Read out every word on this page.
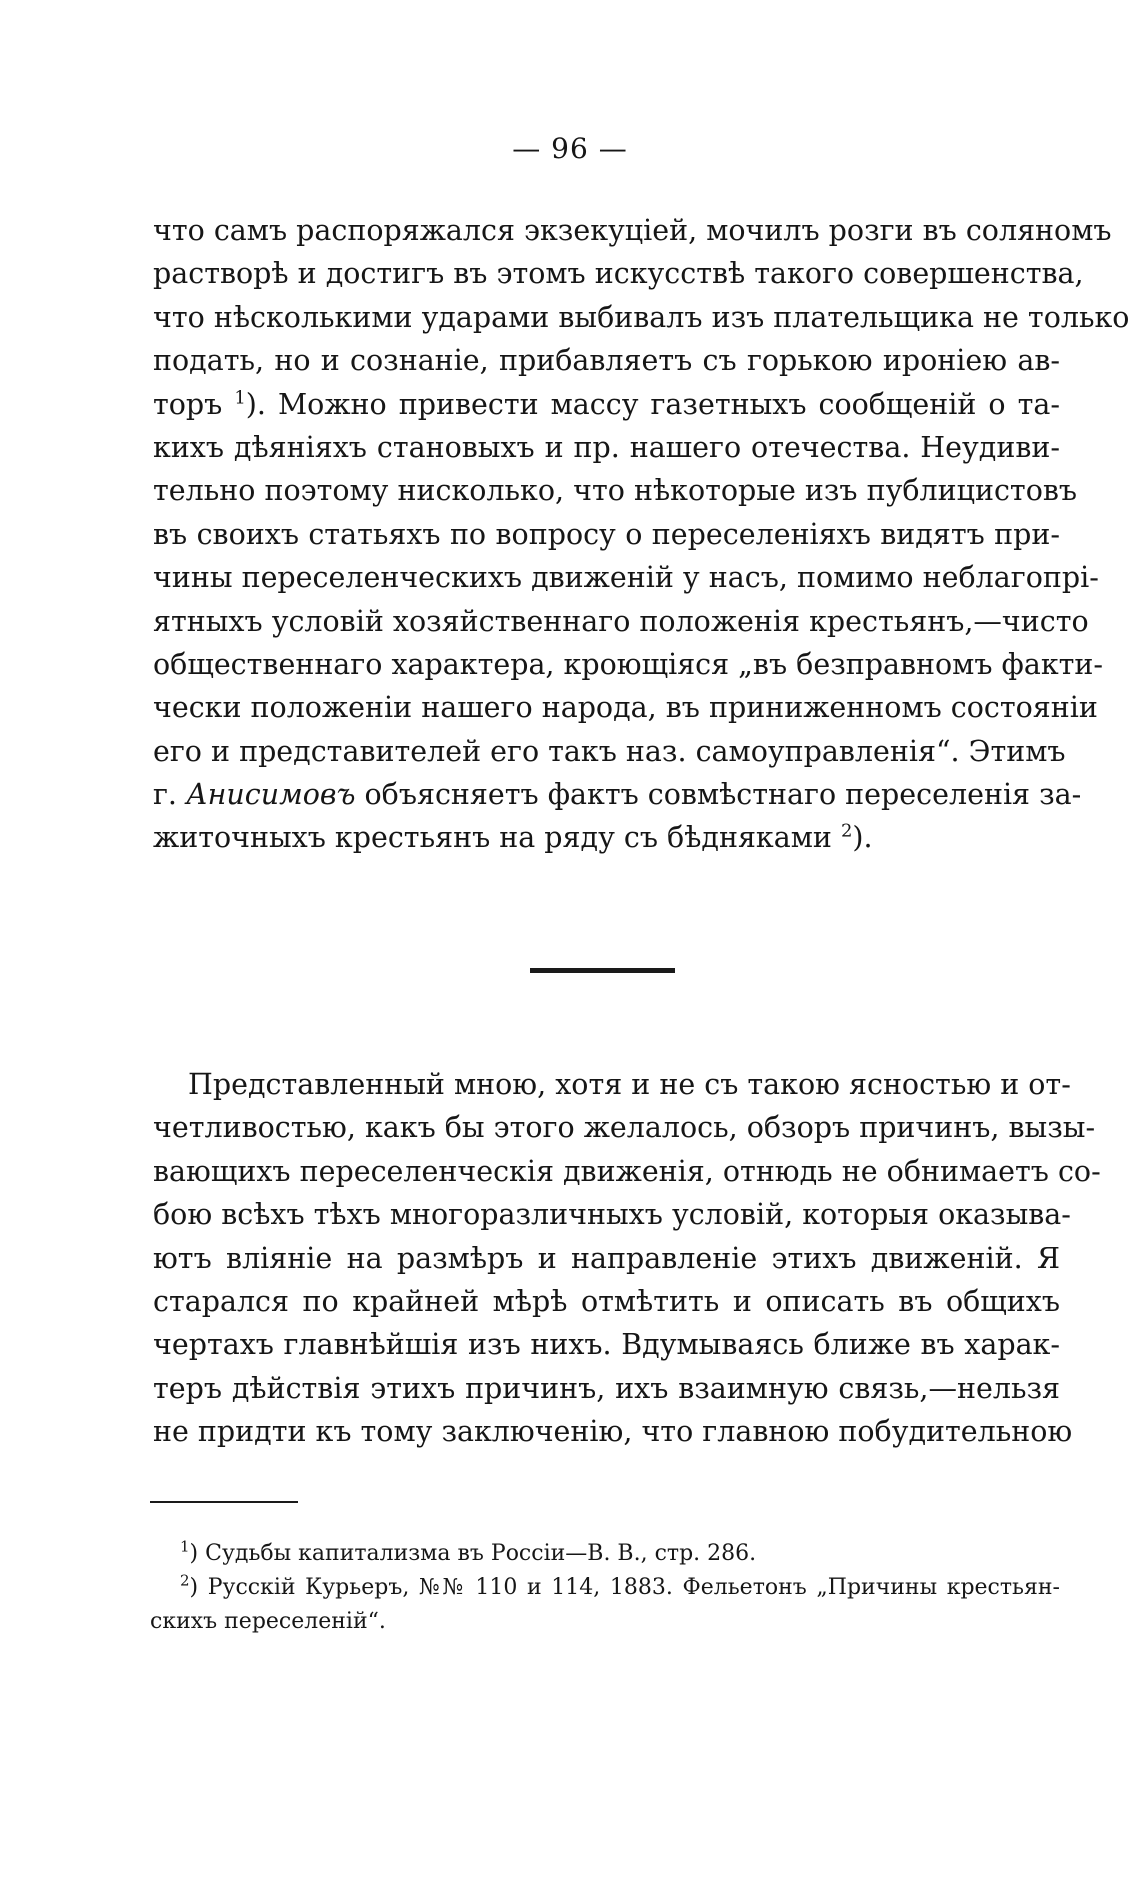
— 96 —
что самъ распоряжался экзекуціей, мочилъ розги въ соляномъ
растворѣ и достигъ въ этомъ искусствѣ такого совершенства,
что нѣсколькими ударами выбивалъ изъ плательщика не только
подать, но и сознаніе, прибавляетъ съ горькою ироніею ав-
торъ $^1$). Можно привести массу газетныхъ сообщеній о та-
кихъ дѣяніяхъ становыхъ и пр. нашего отечества. Неудиви-
тельно поэтому нисколько, что нѣкоторые изъ публицистовъ
въ своихъ статьяхъ по вопросу о переселеніяхъ видятъ при-
чины переселенческихъ движеній у насъ, помимо неблагопрі-
ятныхъ условій хозяйственнаго положенія крестьянъ,—чисто
общественнаго характера, кроющіяся „въ безправномъ факти-
чески положеніи нашего народа, въ приниженномъ состояніи
его и представителей его такъ наз. самоуправленія“. Этимъ
г. Анисимовъ объясняетъ фактъ совмѣстнаго переселенія за-
житочныхъ крестьянъ на ряду съ бѣдняками $^2$).
Представленный мною, хотя и не съ такою ясностью и от-
четливостью, какъ бы этого желалось, обзоръ причинъ, вызы-
вающихъ переселенческія движенія, отнюдь не обнимаетъ со-
бою всѣхъ тѣхъ многоразличныхъ условій, которыя оказыва-
ютъ вліяніе на размѣръ и направленіе этихъ движеній. Я
старался по крайней мѣрѣ отмѣтить и описать въ общихъ
чертахъ главнѣйшія изъ нихъ. Вдумываясь ближе въ харак-
теръ дѣйствія этихъ причинъ, ихъ взаимную связь,—нельзя
не придти къ тому заключенію, что главною побудительною
$^1$) Судьбы капитализма въ Россіи—В. В., стр. 286.
$^2$) Русскій Курьеръ, №№ 110 и 114, 1883. Фельетонъ „Причины крестьян-
скихъ переселеній“.
